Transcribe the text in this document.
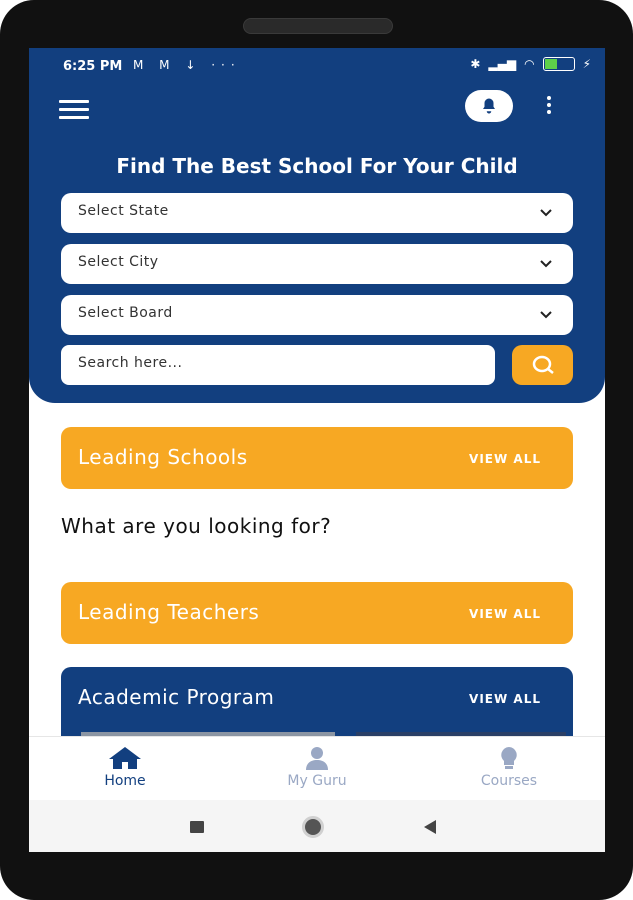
6:25 PM M M ↓ ···	✱ ▂▄▆ ◠	⚡
Find The Best School For Your Child
Select State
Select City
Select Board
Search here...
Leading Schools	VIEW ALL
What are you looking for?
Leading Teachers	VIEW ALL
Academic Program	VIEW ALL
Home	My Guru	Courses
